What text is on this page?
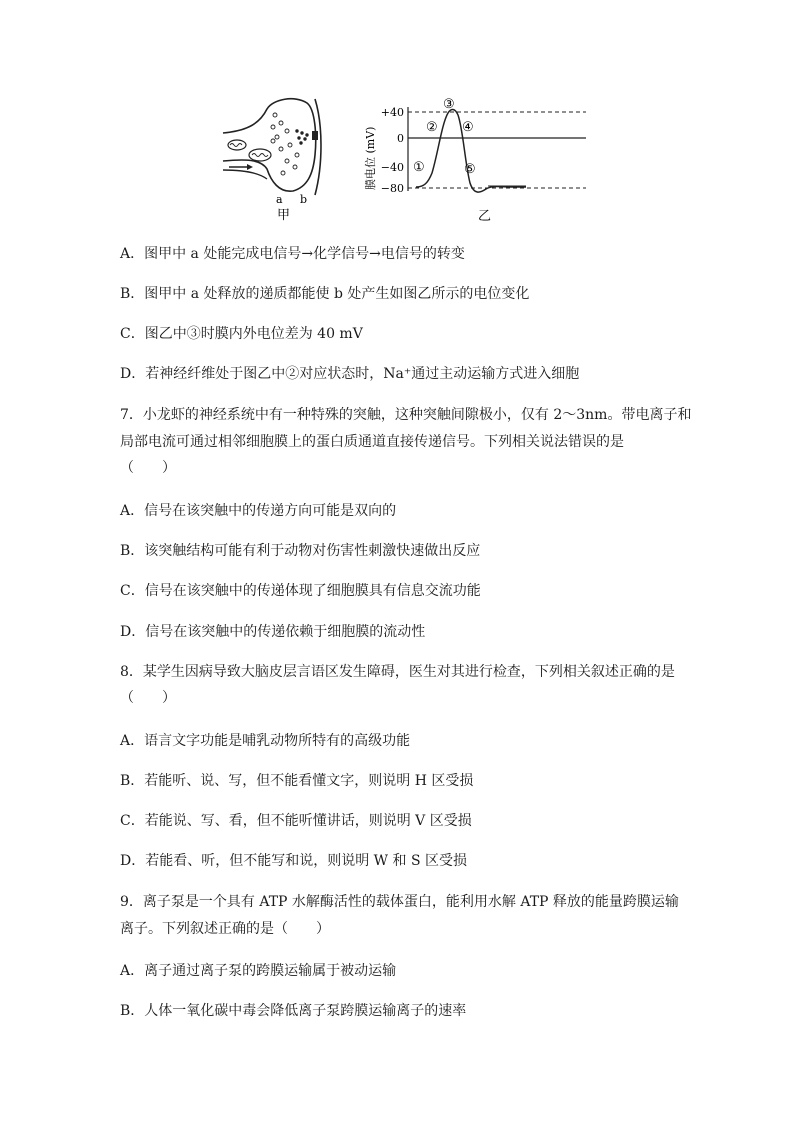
a b
甲
膜电位 (mV)
+40
0
−40
−80
①
②
③
④
⑤
乙
A．图甲中 a 处能完成电信号→化学信号→电信号的转变
B．图甲中 a 处释放的递质都能使 b 处产生如图乙所示的电位变化
C．图乙中③时膜内外电位差为 40 mV
D．若神经纤维处于图乙中②对应状态时，Na⁺通过主动运输方式进入细胞
7．小龙虾的神经系统中有一种特殊的突触，这种突触间隙极小，仅有 2～3nm。带电离子和
局部电流可通过相邻细胞膜上的蛋白质通道直接传递信号。下列相关说法错误的是
（　　）
A．信号在该突触中的传递方向可能是双向的
B．该突触结构可能有利于动物对伤害性刺激快速做出反应
C．信号在该突触中的传递体现了细胞膜具有信息交流功能
D．信号在该突触中的传递依赖于细胞膜的流动性
8．某学生因病导致大脑皮层言语区发生障碍，医生对其进行检查，下列相关叙述正确的是
（　　）
A．语言文字功能是哺乳动物所特有的高级功能
B．若能听、说、写，但不能看懂文字，则说明 H 区受损
C．若能说、写、看，但不能听懂讲话，则说明 V 区受损
D．若能看、听，但不能写和说，则说明 W 和 S 区受损
9．离子泵是一个具有 ATP 水解酶活性的载体蛋白，能利用水解 ATP 释放的能量跨膜运输
离子。下列叙述正确的是（　　）
A．离子通过离子泵的跨膜运输属于被动运输
B．人体一氧化碳中毒会降低离子泵跨膜运输离子的速率
